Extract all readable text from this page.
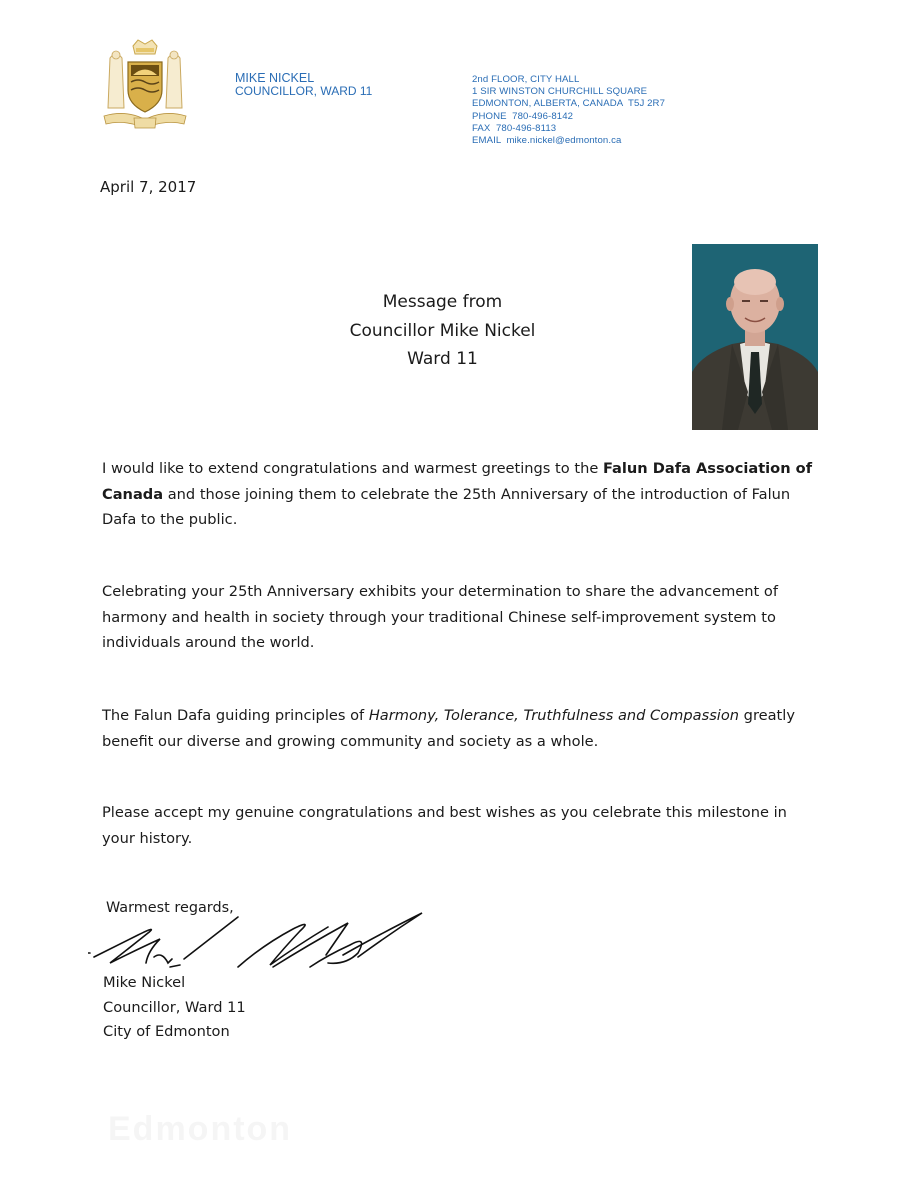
MIKE NICKEL
COUNCILLOR, WARD 11
2nd FLOOR, CITY HALL
1 SIR WINSTON CHURCHILL SQUARE
EDMONTON, ALBERTA, CANADA  T5J 2R7
PHONE  780-496-8142
FAX  780-496-8113
EMAIL  mike.nickel@edmonton.ca
April 7, 2017
Message from
Councillor Mike Nickel
Ward 11
I would like to extend congratulations and warmest greetings to the Falun Dafa Association of Canada and those joining them to celebrate the 25th Anniversary of the introduction of Falun Dafa to the public.
Celebrating your 25th Anniversary exhibits your determination to share the advancement of harmony and health in society through your traditional Chinese self-improvement system to individuals around the world.
The Falun Dafa guiding principles of Harmony, Tolerance, Truthfulness and Compassion greatly benefit our diverse and growing community and society as a whole.
Please accept my genuine congratulations and best wishes as you celebrate this milestone in your history.
Warmest regards,
Mike Nickel
Councillor, Ward 11
City of Edmonton
Edmonton
